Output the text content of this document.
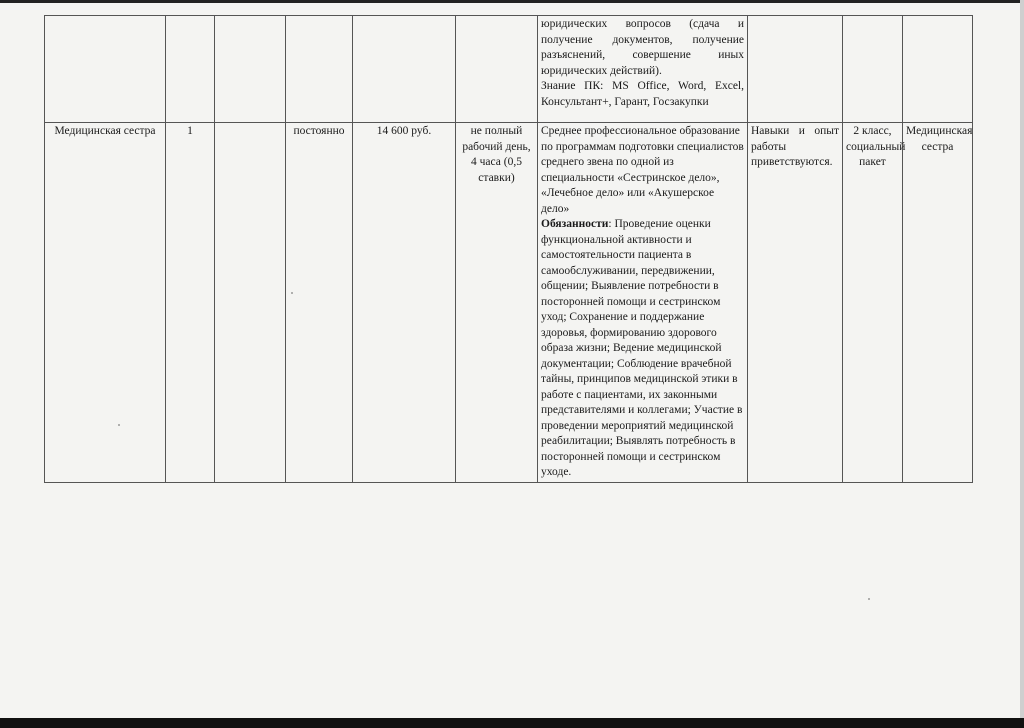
						юридических вопросов (сдача и получение документов, получение разъяснений, совершение иных юридических действий).
Знание ПК: MS Office, Word, Excel, Консультант+, Гарант, Госзакупки			

Медицинская сестра	1		постоянно	14 600 руб.	не полный рабочий день, 4 часа (0,5 ставки)	Среднее профессиональное образование по программам подготовки специалистов среднего звена по одной из специальности «Сестринское дело», «Лечебное дело» или «Акушерское дело»
Обязанности: Проведение оценки функциональной активности и самостоятельности пациента в самообслуживании, передвижении, общении; Выявление потребности в посторонней помощи и сестринском уход; Сохранение и поддержание здоровья, формированию здорового образа жизни; Ведение медицинской документации; Соблюдение врачебной тайны, принципов медицинской этики в работе с пациентами, их законными представителями и коллегами; Участие в проведении мероприятий медицинской реабилитации; Выявлять потребность в посторонней помощи и сестринском уходе.	Навыки и опыт работы приветствуются.	2 класс, социальный пакет	Медицинская сестра
